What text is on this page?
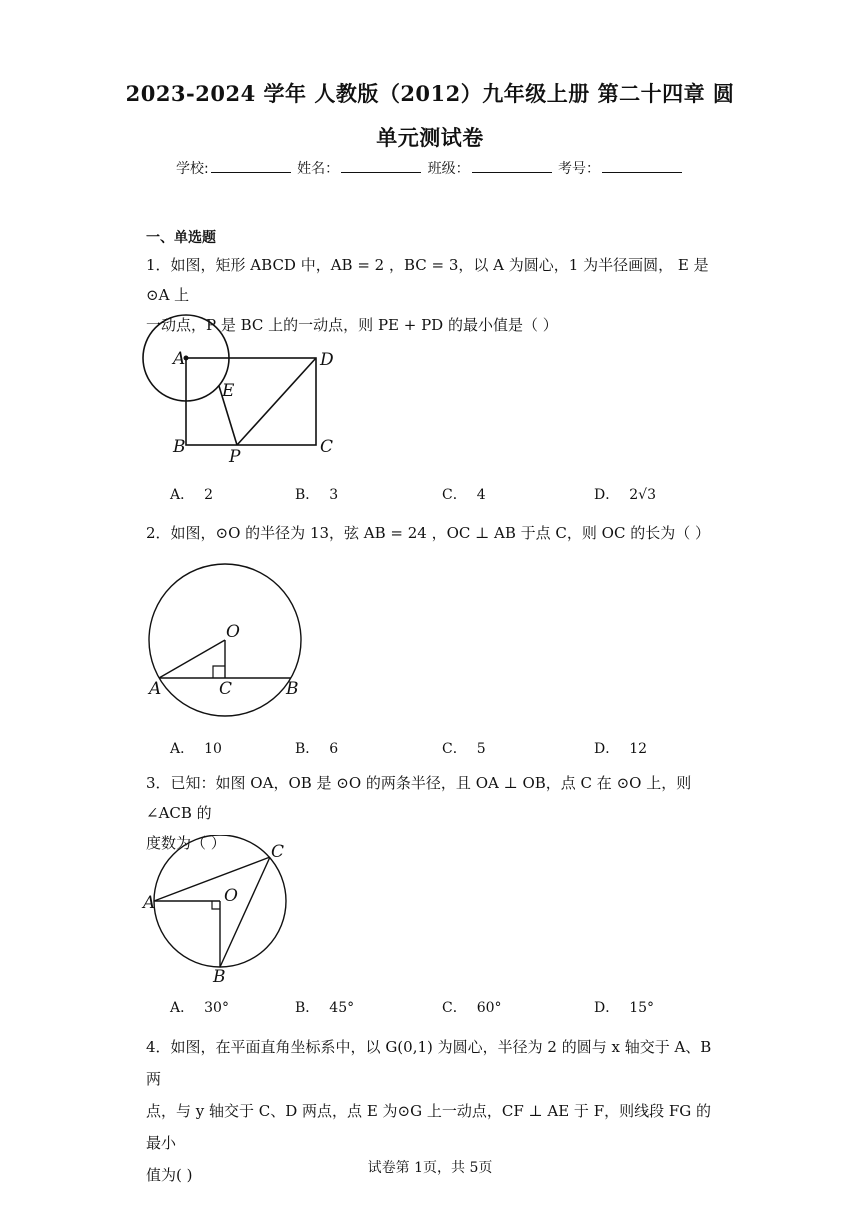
2023-2024 学年 人教版（2012）九年级上册 第二十四章 圆
单元测试卷
学校:	姓名：	班级：	考号：
一、单选题
1．如图，矩形 ABCD 中，AB = 2 ，BC = 3，以 A 为圆心，1 为半径画圆， E 是 ⊙A 上
一动点，P 是 BC 上的一动点，则 PE + PD 的最小值是（ ）
A	D
E
B	C
P
A． 2	B． 3	C． 4	D． 2√3
2．如图，⊙O 的半径为 13，弦 AB = 24 ，OC ⊥ AB 于点 C，则 OC 的长为（ ）
O
A	C	B
A． 10	B． 6	C． 5	D． 12
3．已知：如图 OA，OB 是 ⊙O 的两条半径，且 OA ⊥ OB，点 C 在 ⊙O 上，则 ∠ACB 的
度数为（ ）
O
A
C
B
A． 30°	B． 45°	C． 60°	D． 15°
4．如图，在平面直角坐标系中，以 G(0,1) 为圆心，半径为 2 的圆与 x 轴交于 A、B 两
点，与 y 轴交于 C、D 两点，点 E 为⊙G 上一动点，CF ⊥ AE 于 F，则线段 FG 的最小
值为( )	试卷第 1页，共 5页
